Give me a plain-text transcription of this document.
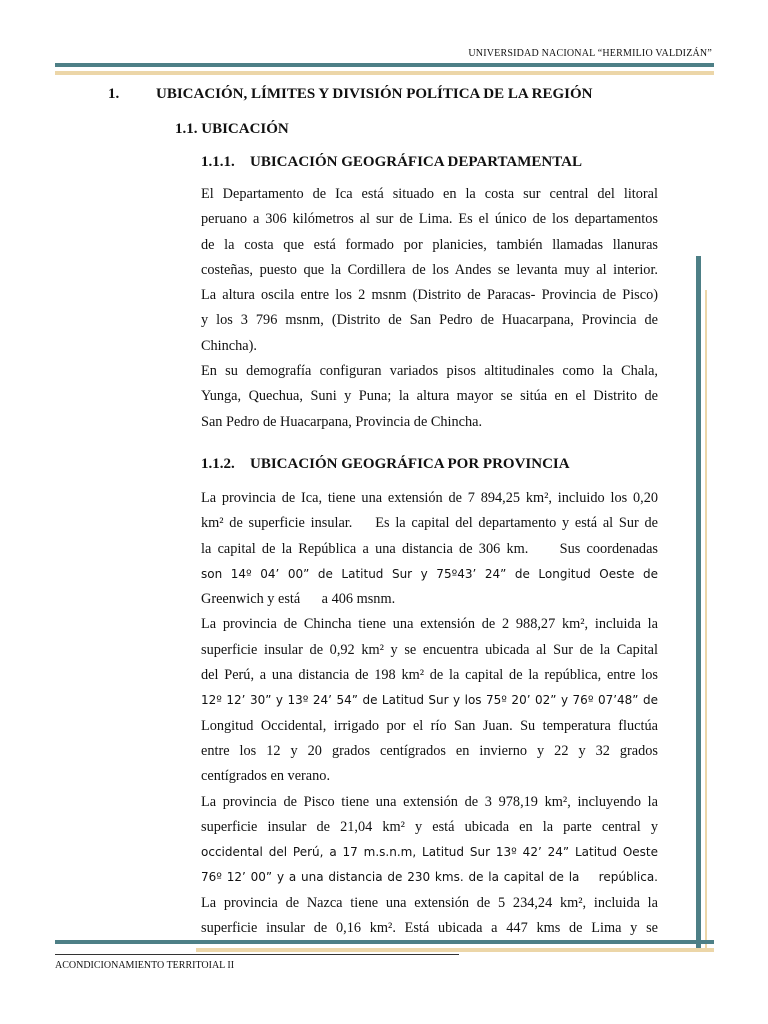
UNIVERSIDAD NACIONAL “HERMILIO VALDIZÁN”
1. UBICACIÓN, LÍMITES Y DIVISIÓN POLÍTICA DE LA REGIÓN
1.1. UBICACIÓN
1.1.1. UBICACIÓN GEOGRÁFICA DEPARTAMENTAL
El Departamento de Ica está situado en la costa sur central del litoral
peruano a 306 kilómetros al sur de Lima. Es el único de los departamentos
de la costa que está formado por planicies, también llamadas llanuras
costeñas, puesto que la Cordillera de los Andes se levanta muy al interior.
La altura oscila entre los 2 msnm (Distrito de Paracas- Provincia de Pisco)
y los 3 796 msnm, (Distrito de San Pedro de Huacarpana, Provincia de
Chincha).
En su demografía configuran variados pisos altitudinales como la Chala,
Yunga, Quechua, Suni y Puna; la altura mayor se sitúa en el Distrito de
San Pedro de Huacarpana, Provincia de Chincha.
1.1.2. UBICACIÓN GEOGRÁFICA POR PROVINCIA
La provincia de Ica, tiene una extensión de 7 894,25 km², incluido los 0,20
km² de superficie insular.    Es la capital del departamento y está al Sur de
la capital de la República a una distancia de 306 km.     Sus coordenadas
son 14º 04’ 00” de Latitud Sur y 75º43’ 24” de Longitud Oeste de
Greenwich y está      a 406 msnm.
La provincia de Chincha tiene una extensión de 2 988,27 km², incluida la
superficie insular de 0,92 km² y se encuentra ubicada al Sur de la Capital
del Perú, a una distancia de 198 km² de la capital de la república, entre los
12º 12’ 30” y 13º 24’ 54” de Latitud Sur y los 75º 20’ 02” y 76º 07’48” de
Longitud Occidental, irrigado por el río San Juan. Su temperatura fluctúa
entre los 12 y 20 grados centígrados en invierno y 22 y 32 grados
centígrados en verano.
La provincia de Pisco tiene una extensión de 3 978,19 km², incluyendo la
superficie insular de 21,04 km² y está ubicada en la parte central y
occidental del Perú, a 17 m.s.n.m, Latitud Sur 13º 42’ 24” Latitud Oeste
76º 12’ 00” y a una distancia de 230 kms. de la capital de la    república.
La provincia de Nazca tiene una extensión de 5 234,24 km², incluida la
superficie insular de 0,16 km². Está ubicada a 447 kms de Lima y se
ACONDICIONAMIENTO TERRITOIAL II
